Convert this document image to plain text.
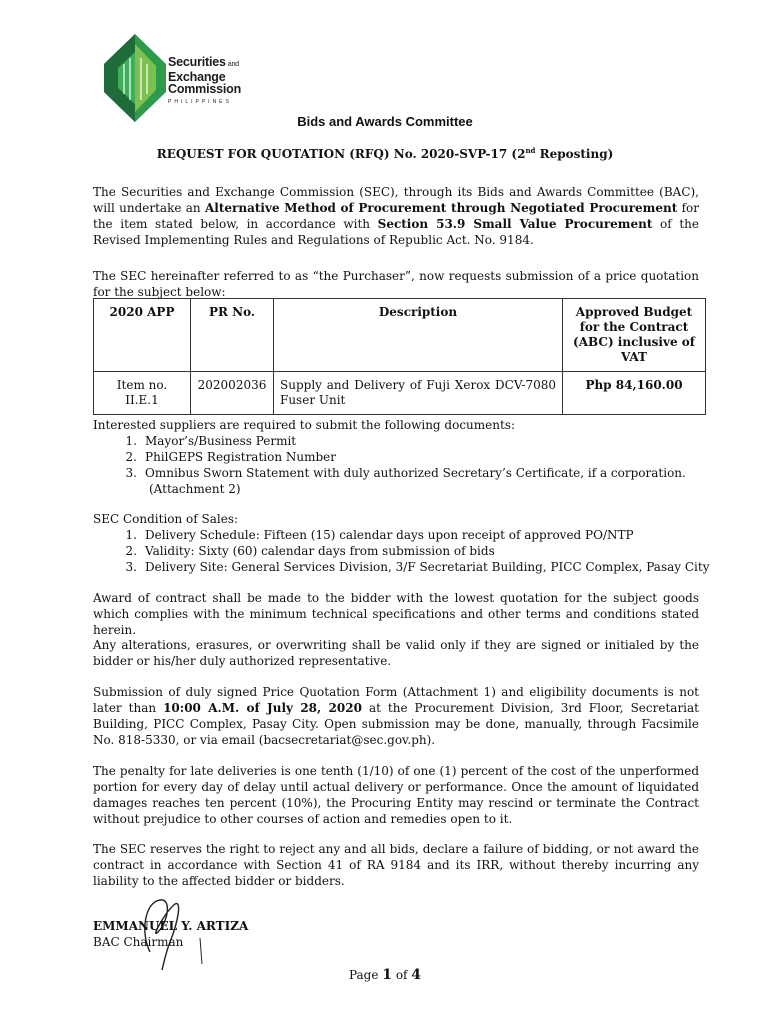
Securities and
Exchange
Commission
PHILIPPINES
Bids and Awards Committee
REQUEST FOR QUOTATION (RFQ) No. 2020-SVP-17 (2nd Reposting)
The Securities and Exchange Commission (SEC), through its Bids and Awards Committee (BAC), will undertake an Alternative Method of Procurement through Negotiated Procurement for the item stated below, in accordance with Section 53.9 Small Value Procurement of the Revised Implementing Rules and Regulations of Republic Act. No. 9184.
The SEC hereinafter referred to as “the Purchaser”, now requests submission of a price quotation for the subject below:
2020 APP	PR No.	Description	Approved Budget for the Contract (ABC) inclusive of VAT
Item no. II.E.1	202002036	Supply and Delivery of Fuji Xerox DCV-7080 Fuser Unit	Php 84,160.00
Interested suppliers are required to submit the following documents:
1. Mayor’s/Business Permit
2. PhilGEPS Registration Number
3. Omnibus Sworn Statement with duly authorized Secretary’s Certificate, if a corporation.
(Attachment 2)
SEC Condition of Sales:
1. Delivery Schedule: Fifteen (15) calendar days upon receipt of approved PO/NTP
2. Validity: Sixty (60) calendar days from submission of bids
3. Delivery Site: General Services Division, 3/F Secretariat Building, PICC Complex, Pasay City
Award of contract shall be made to the bidder with the lowest quotation for the subject goods which complies with the minimum technical specifications and other terms and conditions stated herein.
Any alterations, erasures, or overwriting shall be valid only if they are signed or initialed by the bidder or his/her duly authorized representative.
Submission of duly signed Price Quotation Form (Attachment 1) and eligibility documents is not later than 10:00 A.M. of July 28, 2020 at the Procurement Division, 3rd Floor, Secretariat Building, PICC Complex, Pasay City. Open submission may be done, manually, through Facsimile No. 818-5330, or via email (bacsecretariat@sec.gov.ph).
The penalty for late deliveries is one tenth (1/10) of one (1) percent of the cost of the unperformed portion for every day of delay until actual delivery or performance. Once the amount of liquidated damages reaches ten percent (10%), the Procuring Entity may rescind or terminate the Contract without prejudice to other courses of action and remedies open to it.
The SEC reserves the right to reject any and all bids, declare a failure of bidding, or not award the contract in accordance with Section 41 of RA 9184 and its IRR, without thereby incurring any liability to the affected bidder or bidders.
EMMANUEL Y. ARTIZA
BAC Chairman
Page 1 of 4
